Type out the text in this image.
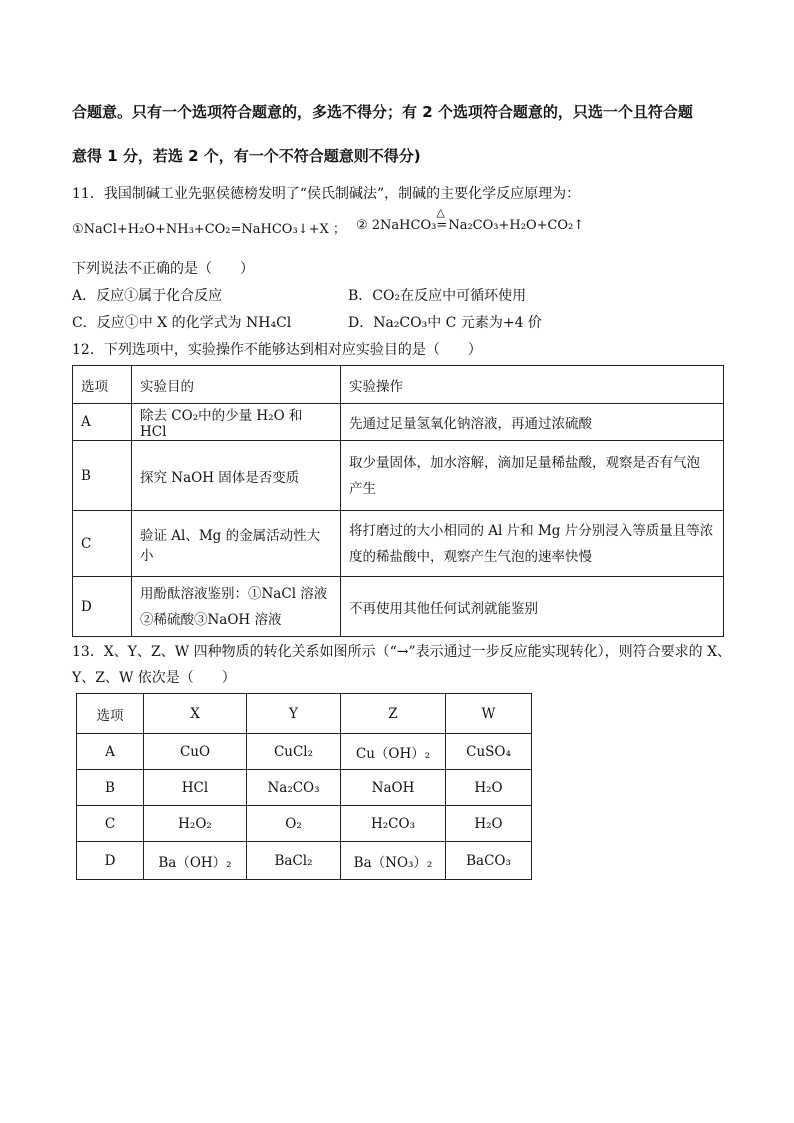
合题意。只有一个选项符合题意的，多选不得分；有 2 个选项符合题意的，只选一个且符合题
意得 1 分，若选 2 个，有一个不符合题意则不得分)
11．我国制碱工业先驱侯德榜发明了“侯氏制碱法”，制碱的主要化学反应原理为：
①NaCl+H₂O+NH₃+CO₂=NaHCO₃↓+X ； ② 2NaHCO₃
△
=Na₂CO₃+H₂O+CO₂↑
下列说法不正确的是（　　）
A．反应①属于化合反应	B．CO₂在反应中可循环使用
C．反应①中 X 的化学式为 NH₄Cl	D．Na₂CO₃中 C 元素为+4 价
12．下列选项中，实验操作不能够达到相对应实验目的是（　　）
选项	实验目的	实验操作
A	除去 CO₂中的少量 H₂O 和 HCl	先通过足量氢氧化钠溶液，再通过浓硫酸
B	探究 NaOH 固体是否变质	取少量固体，加水溶解，滴加足量稀盐酸，观察是否有气泡
产生

C	验证 Al、Mg 的金属活动性大小	将打磨过的大小相同的 Al 片和 Mg 片分别浸入等质量且等浓
度的稀盐酸中，观察产生气泡的速率快慢

D	用酚酞溶液鉴别：①NaCl 溶液
②稀硫酸③NaOH 溶液	不再使用其他任何试剂就能鉴别
13．X、Y、Z、W 四种物质的转化关系如图所示（“→”表示通过一步反应能实现转化），则符合要求的 X、
Y、Z、W 依次是（　　）
选项	X	Y	Z	W
A	CuO	CuCl₂	Cu（OH）₂	CuSO₄
B	HCl	Na₂CO₃	NaOH	H₂O
C	H₂O₂	O₂	H₂CO₃	H₂O
D	Ba（OH）₂	BaCl₂	Ba（NO₃）₂	BaCO₃
